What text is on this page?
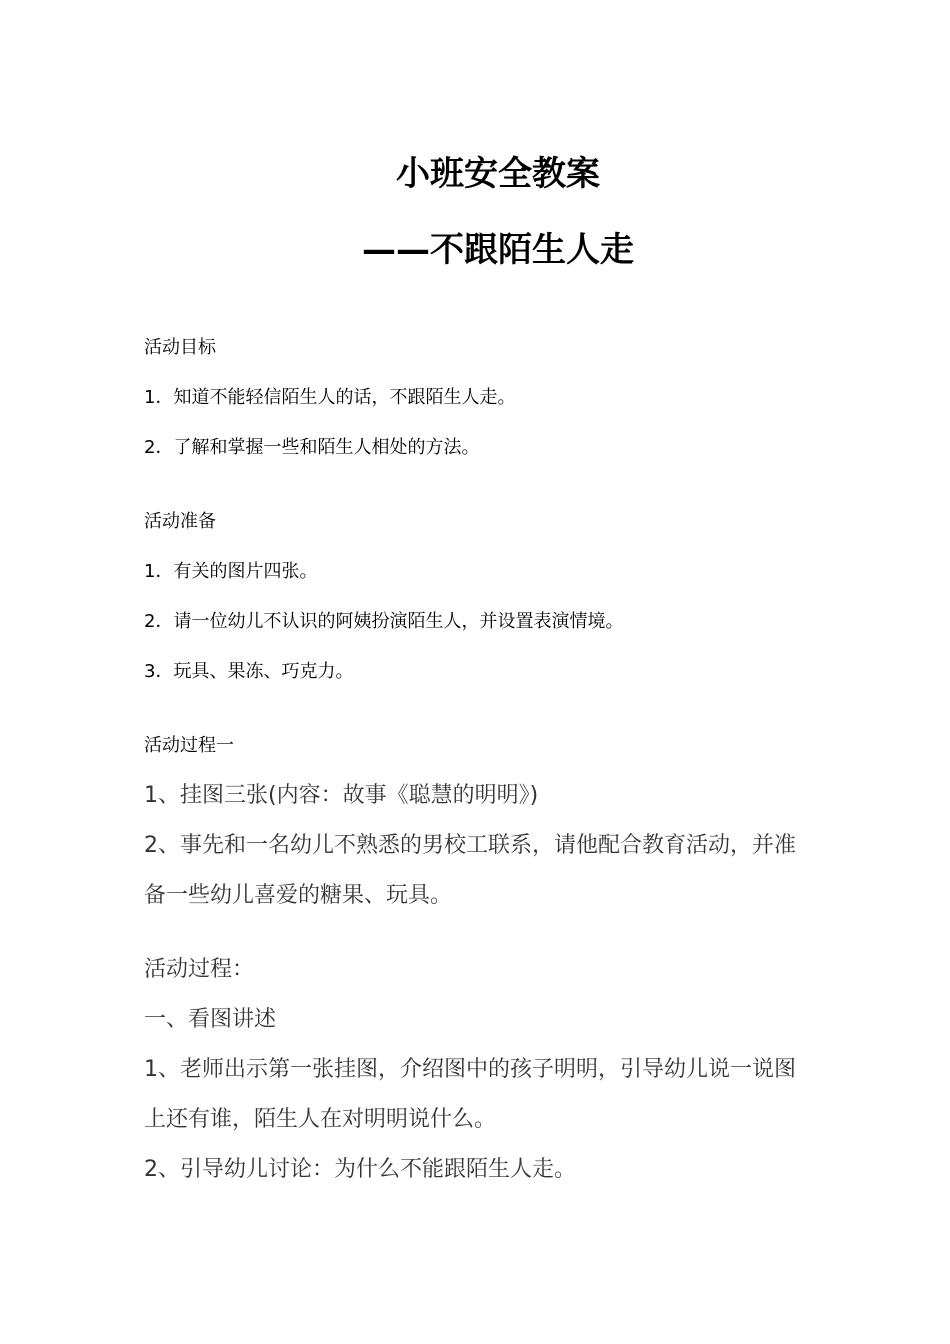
小班安全教案
——不跟陌生人走
活动目标
1．知道不能轻信陌生人的话，不跟陌生人走。
2．了解和掌握一些和陌生人相处的方法。
活动准备
1．有关的图片四张。
2．请一位幼儿不认识的阿姨扮演陌生人，并设置表演情境。
3．玩具、果冻、巧克力。
活动过程一
1、挂图三张(内容：故事《聪慧的明明》)
2、事先和一名幼儿不熟悉的男校工联系，请他配合教育活动，并准
备一些幼儿喜爱的糖果、玩具。
活动过程：
一、看图讲述
1、老师出示第一张挂图，介绍图中的孩子明明，引导幼儿说一说图
上还有谁，陌生人在对明明说什么。
2、引导幼儿讨论：为什么不能跟陌生人走。
